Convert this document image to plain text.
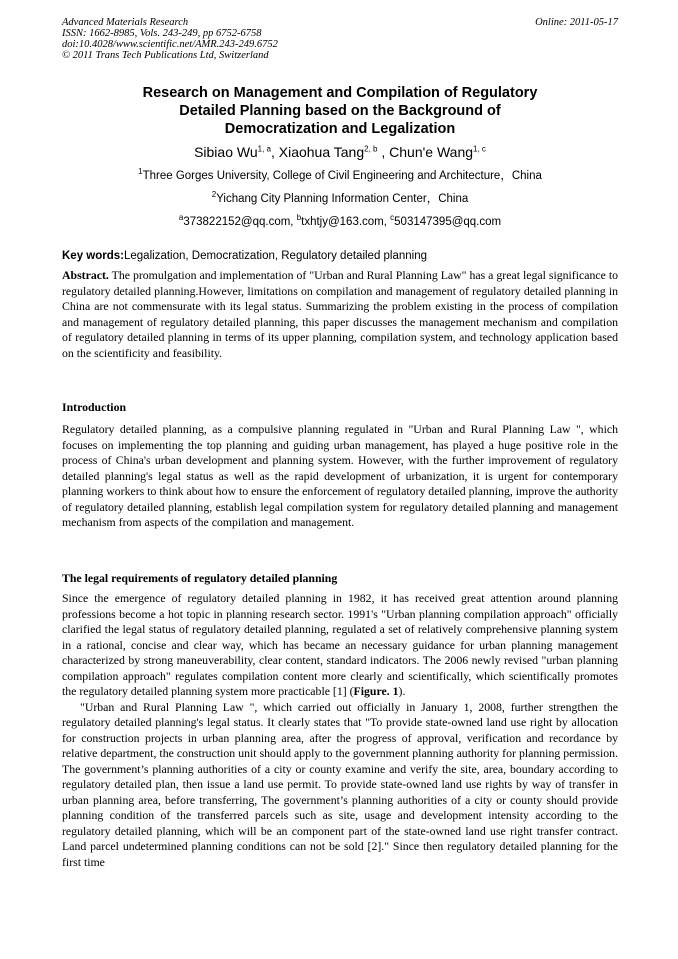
Advanced Materials Research
ISSN: 1662-8985, Vols. 243-249, pp 6752-6758
doi:10.4028/www.scientific.net/AMR.243-249.6752
© 2011 Trans Tech Publications Ltd, Switzerland
Online: 2011-05-17
Research on Management and Compilation of Regulatory
Detailed Planning based on the Background of
Democratization and Legalization
Sibiao Wu$^{1, a}$, Xiaohua Tang$^{2, b}$ , Chun'e Wang$^{1, c}$
$^1$Three Gorges University, College of Civil Engineering and Architecture，China
$^2$Yichang City Planning Information Center，China
$^a$373822152@qq.com, $^b$txhtjy@163.com, $^c$503147395@qq.com
Key words:Legalization, Democratization, Regulatory detailed planning

Abstract. The promulgation and implementation of "Urban and Rural Planning Law" has a great legal significance to regulatory detailed planning.However, limitations on compilation and management of regulatory detailed planning in China are not commensurate with its legal status. Summarizing the problem existing in the process of compilation and management of regulatory detailed planning, this paper discusses the management mechanism and compilation of regulatory detailed planning in terms of its upper planning, compilation system, and technology application based on the scientificity and feasibility.

Introduction

Regulatory detailed planning, as a compulsive planning regulated in "Urban and Rural Planning Law ", which focuses on implementing the top planning and guiding urban management, has played a huge positive role in the process of China's urban development and planning system. However, with the further improvement of regulatory detailed planning's legal status as well as the rapid development of urbanization, it is urgent for contemporary planning workers to think about how to ensure the enforcement of regulatory detailed planning, improve the authority of regulatory detailed planning, establish legal compilation system for regulatory detailed planning and management mechanism from aspects of the compilation and management.

The legal requirements of regulatory detailed planning

Since the emergence of regulatory detailed planning in 1982, it has received great attention around planning professions become a hot topic in planning research sector. 1991's "Urban planning compilation approach" officially clarified the legal status of regulatory detailed planning, regulated a set of relatively comprehensive planning system in a rational, concise and clear way, which has became an necessary guidance for urban planning management characterized by strong maneuverability, clear content, standard indicators. The 2006 newly revised "urban planning compilation approach" regulates compilation content more clearly and scientifically, which scientifically promotes the regulatory detailed planning system more practicable [1] (Figure. 1).

"Urban and Rural Planning Law ", which carried out officially in January 1, 2008, further strengthen the regulatory detailed planning's legal status. It clearly states that "To provide state-owned land use right by allocation for construction projects in urban planning area, after the progress of approval, verification and recordance by relative department, the construction unit should apply to the government planning authority for planning permission. The government’s planning authorities of a city or county examine and verify the site, area, boundary according to regulatory detailed plan, then issue a land use permit. To provide state-owned land use rights by way of transfer in urban planning area, before transferring, The government’s planning authorities of a city or county should provide planning condition of the transferred parcels such as site, usage and development intensity according to the regulatory detailed planning, which will be an component part of the state-owned land use right transfer contract. Land parcel undetermined planning conditions can not be sold [2]." Since then regulatory detailed planning for the first time
